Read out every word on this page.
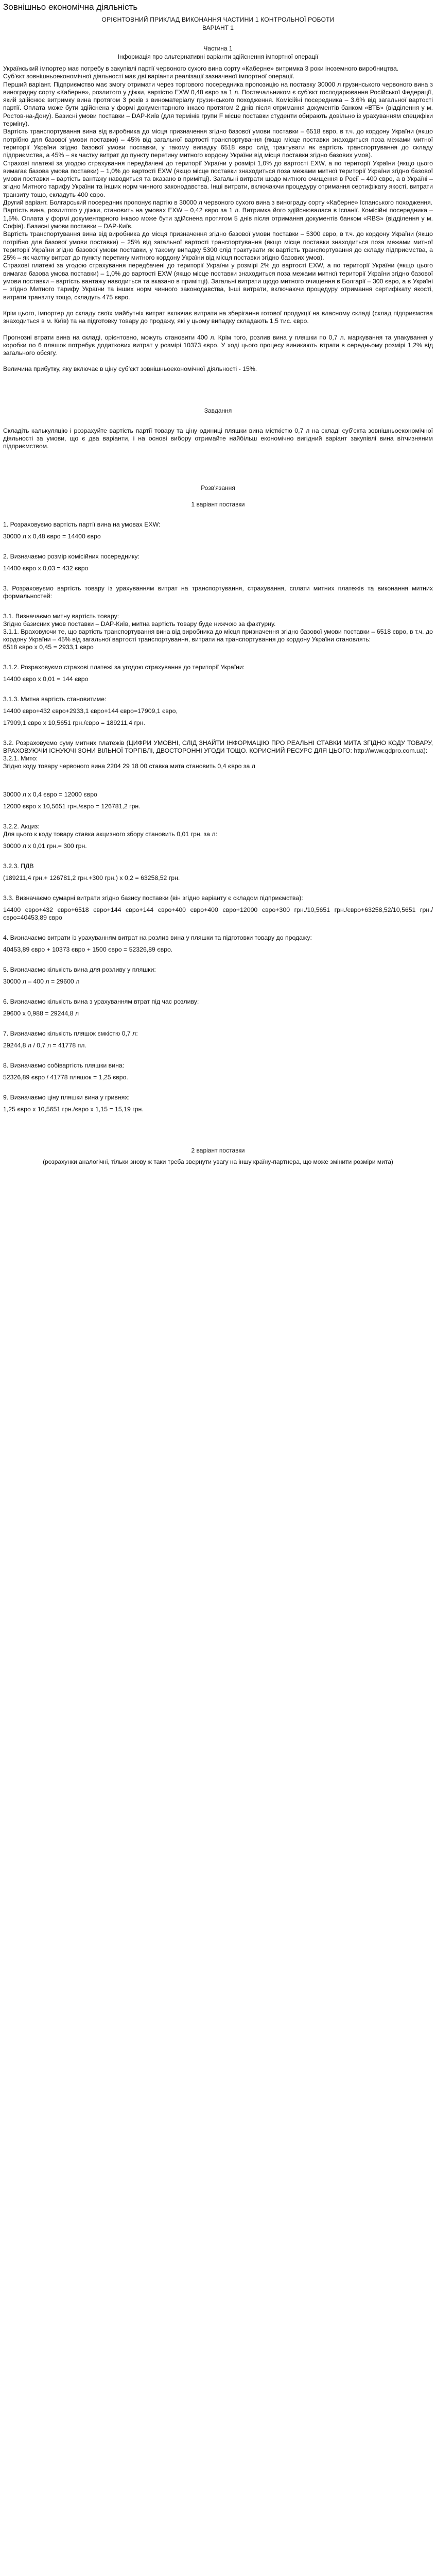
Зовнішньо економічна діяльність

ОРІЄНТОВНИЙ ПРИКЛАД ВИКОНАННЯ ЧАСТИНИ 1 КОНТРОЛЬНОЇ РОБОТИ

ВАРІАНТ 1

Частина 1

Інформація про альтернативні варіанти здійснення імпортної операції

Український імпортер має потребу в закупівлі партії червоного сухого вина сорту «Каберне» витримка 3 роки іноземного виробництва.

Суб'єкт зовнішньоекономічної діяльності має дві варіанти реалізації зазначеної імпортної операції.

Перший варіант. Підприємство має змогу отримати через торгового посередника пропозицію на поставку 30000 л грузинського червоного вина з виноградну сорту «Каберне», розлитого у діжки, вартістю EXW 0,48 євро за 1 л. Постачальником є суб'єкт господарювання Російської Федерації, який здійснює витримку вина протягом 3 років з виноматеріалу грузинського походження. Комісійні посередника – 3.6% від загальної вартості партії. Оплата може бути здійснена у формі документарного інкасо протягом 2 днів після отримання документів банком «ВТБ» (відділення у м. Ростов-на-Дону). Базисні умови поставки – DAP-Київ (для термінів групи F місце поставки студенти обирають довільно із урахуванням специфіки терміну).

Вартість транспортування вина від виробника до місця призначення згідно базової умови поставки – 6518 євро, в т.ч. до кордону України (якщо потрібно для базової умови поставки) – 45% від загальної вартості транспортування (якщо місце поставки знаходиться поза межами митної території України згідно базової умови поставки, у такому випадку 6518 євро слід трактувати як вартість транспортування до складу підприємства, а 45% – як частку витрат до пункту перетину митного кордону України від місця поставки згідно базових умов).

Страхові платежі за угодою страхування передбачені до території України у розмірі 1,0% до вартості EXW, а по території України (якщо цього вимагає базова умова поставки) – 1,0% до вартості EXW (якщо місце поставки знаходиться поза межами митної території України згідно базової умови поставки – вартість вантажу наводиться та вказано в примітці). Загальні витрати щодо митного очищення в Росії – 400 євро, а в Україні – згідно Митного тарифу України та інших норм чинного законодавства. Інші витрати, включаючи процедуру отримання сертифікату якості, витрати транзиту тощо, складуть 400 євро.

Другий варіант. Болгарський посередник пропонує партію в 30000 л червоного сухого вина з винограду сорту «Каберне» Іспанського походження.

Вартість вина, розлитого у діжки, становить на умовах EXW – 0,42 євро за 1 л. Витримка його здійснювалася в Іспанії. Комісійні посередника – 1,5%. Оплата у формі документарного інкасо може бути здійснена протягом 5 днів після отримання документів банком «RBS» (відділення у м. Софія). Базисні умови поставки – DAP-Київ.

Вартість транспортування вина від виробника до місця призначення згідно базової умови поставки – 5300 євро, в т.ч. до кордону України (якщо потрібно для базової умови поставки) – 25% від загальної вартості транспортування (якщо місце поставки знаходиться поза межами митної території України згідно базової умови поставки, у такому випадку 5300 слід трактувати як вартість транспортування до складу підприємства, а 25% – як частку витрат до пункту перетину митного кордону України від місця поставки згідно базових умов).

Страхові платежі за угодою страхування передбачені до території України у розмірі 2% до вартості EXW, а по території України (якщо цього вимагає базова умова поставки) – 1,0% до вартості EXW (якщо місце поставки знаходиться поза межами митної території України згідно базової умови поставки – вартість вантажу наводиться та вказано в примітці). Загальні витрати щодо митного очищення в Болгарії – 300 євро, а в Україні – згідно Митного тарифу України та інших норм чинного законодавства, Інші витрати, включаючи процедуру отримання сертифікату якості, витрати транзиту тощо, складуть 475 євро.

Крім цього, імпортер до складу своїх майбутніх витрат включає витрати на зберігання готової продукції на власному складі (склад підприємства знаходиться в м. Київ) та на підготовку товару до продажу, які у цьому випадку складають 1,5 тис. євро.

Прогнозні втрати вина на складі, орієнтовно, можуть становити 400 л. Крім того, розлив вина у пляшки по 0,7 л. маркування та упакування у коробки по 6 пляшок потребує додаткових витрат у розмірі 10373 євро. У ході цього процесу виникають втрати в середньому розмірі 1,2% від загального обсягу.

Величина прибутку, яку включає в ціну суб'єкт зовнішньоекономічної діяльності - 15%.

Завдання

Складіть калькуляцію і розрахуйте вартість партії товару та ціну одиниці пляшки вина місткістю 0,7 л на складі суб'єкта зовнішньоекономічної діяльності за умови, що є два варіанти, і на основі вибору отримайте найбільш економічно вигідний варіант закупівлі вина вітчизняним підприємством.

Розв'язання

1 варіант поставки

1. Розраховуємо вартість партії вина на умовах EXW:

30000 л х 0,48 євро = 14400 євро

2. Визначаємо розмір комісійних посереднику:

14400 євро х 0,03 = 432 євро

3. Розраховуємо вартість товару із урахуванням витрат на транспортування, страхування, сплати митних платежів та виконання митних формальностей:

3.1. Визначаємо митну вартість товару:

Згідно базисних умов поставки – DAP-Київ, митна вартість товару буде нижчою за фактурну.

3.1.1. Враховуючи те, що вартість транспортування вина від виробника до місця призначення згідно базової умови поставки – 6518 євро, в т.ч. до кордону України – 45% від загальної вартості транспортування, витрати на транспортування до кордону України становлять:

6518 євро х 0,45 = 2933,1 євро

3.1.2. Розраховуємо страхові платежі за угодою страхування до території України:

14400 євро х 0,01 = 144 євро

3.1.3. Митна вартість становитиме:

14400 євро+432 євро+2933,1 євро+144 євро=17909,1 євро,

17909,1 євро х 10,5651 грн./євро = 189211,4 грн.

3.2. Розраховуємо суму митних платежів (ЦИФРИ УМОВНІ, СЛІД ЗНАЙТИ ІНФОРМАЦІЮ ПРО РЕАЛЬНІ СТАВКИ МИТА ЗГІДНО КОДУ ТОВАРУ, ВРАХОВУЮЧИ ІСНУЮЧІ ЗОНИ ВІЛЬНОЇ ТОРГІВЛІ, ДВОСТОРОННІ УГОДИ ТОЩО. КОРИСНИЙ РЕСУРС ДЛЯ ЦЬОГО: http://www.qdpro.com.ua):

3.2.1. Мито:

Згідно коду товару червоного вина 2204 29 18 00 ставка мита становить 0,4 євро за л

30000 л х 0,4 євро = 12000 євро

12000 євро х 10,5651 грн./євро = 126781,2 грн.

3.2.2. Акциз:

Для цього к коду товару ставка акцизного збору становить 0,01 грн. за л:

30000 л х 0,01 грн.= 300 грн.

3.2.3. ПДВ

(189211,4 грн.+ 126781,2 грн.+300 грн.) х 0,2 = 63258,52 грн.

3.3. Визначаємо сумарні витрати згідно базису поставки (він згідно варіанту є складом підприємства):

14400 євро+432 євро+6518 євро+144 євро+144 євро+400 євро+400 євро+12000 євро+300 грн./10,5651 грн./євро+63258,52/10,5651 грн./євро=40453,89 євро

4. Визначаємо витрати із урахуванням витрат на розлив вина у пляшки та підготовки товару до продажу:

40453,89 євро + 10373 євро + 1500 євро = 52326,89 євро.

5. Визначаємо кількість вина для розливу у пляшки:

30000 л – 400 л = 29600 л

6. Визначаємо кількість вина з урахуванням втрат під час розливу:

29600 х 0,988 = 29244,8 л

7. Визначаємо кількість пляшок ємкістю 0,7 л:

29244,8 л / 0,7 л = 41778 пл.

8. Визначаємо собівартість пляшки вина:

52326,89 євро / 41778 пляшок = 1,25 євро.

9. Визначаємо ціну пляшки вина у гривнях:

1,25 євро х 10,5651 грн./євро х 1,15 = 15,19 грн.

2 варіант поставки

(розрахунки аналогічні, тільки знову ж таки треба звернути увагу на іншу країну-партнера, що може змінити розміри мита)
